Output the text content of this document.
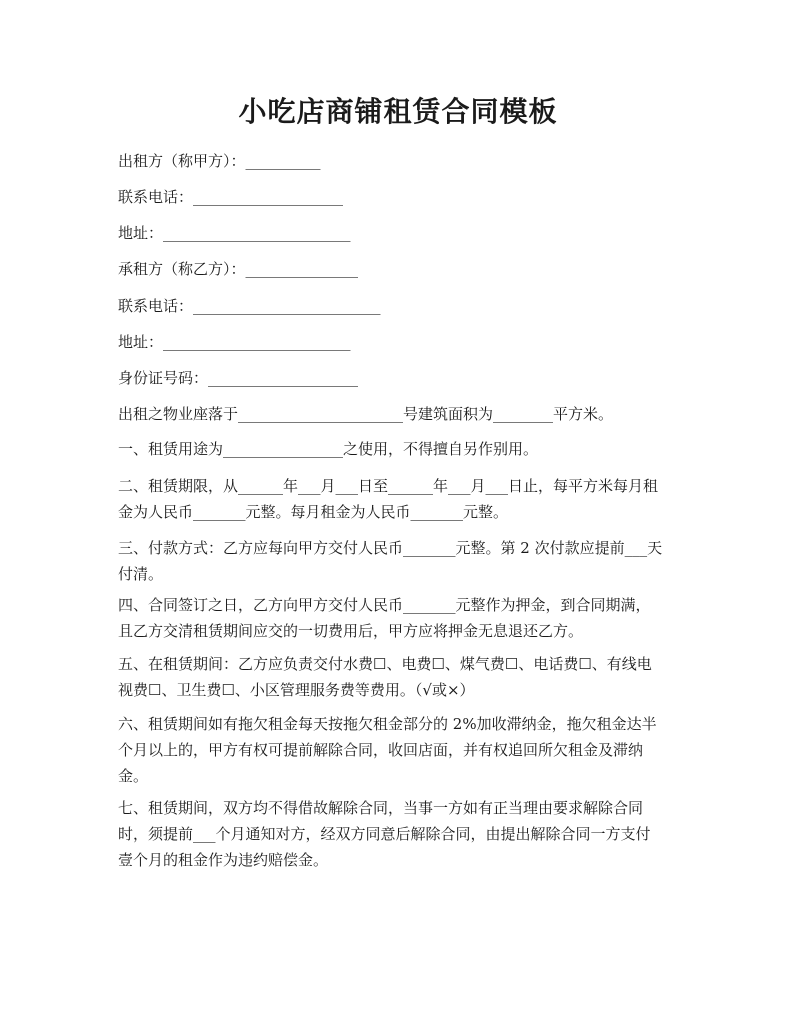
小吃店商铺租赁合同模板

出租方（称甲方）：__________

联系电话：____________________

地址：_________________________

承租方（称乙方）：_______________

联系电话：_________________________

地址：_________________________

身份证号码：____________________

出租之物业座落于______________________号建筑面积为________平方米。

一、租赁用途为________________之使用，不得擅自另作别用。
二、租赁期限，从______年___月___日至______年___月___日止，每平方米每月租
金为人民币_______元整。每月租金为人民币_______元整。
三、付款方式：乙方应每向甲方交付人民币_______元整。第 2 次付款应提前___天
付清。
四、合同签订之日，乙方向甲方交付人民币_______元整作为押金，到合同期满，
且乙方交清租赁期间应交的一切费用后，甲方应将押金无息退还乙方。
五、在租赁期间：乙方应负责交付水费☐、电费☐、煤气费☐、电话费☐、有线电
视费☐、卫生费☐、小区管理服务费等费用。（√或×）
六、租赁期间如有拖欠租金每天按拖欠租金部分的 2%加收滞纳金，拖欠租金达半
个月以上的，甲方有权可提前解除合同，收回店面，并有权追回所欠租金及滞纳
金。
七、租赁期间，双方均不得借故解除合同，当事一方如有正当理由要求解除合同
时，须提前___个月通知对方，经双方同意后解除合同，由提出解除合同一方支付
壹个月的租金作为违约赔偿金。
